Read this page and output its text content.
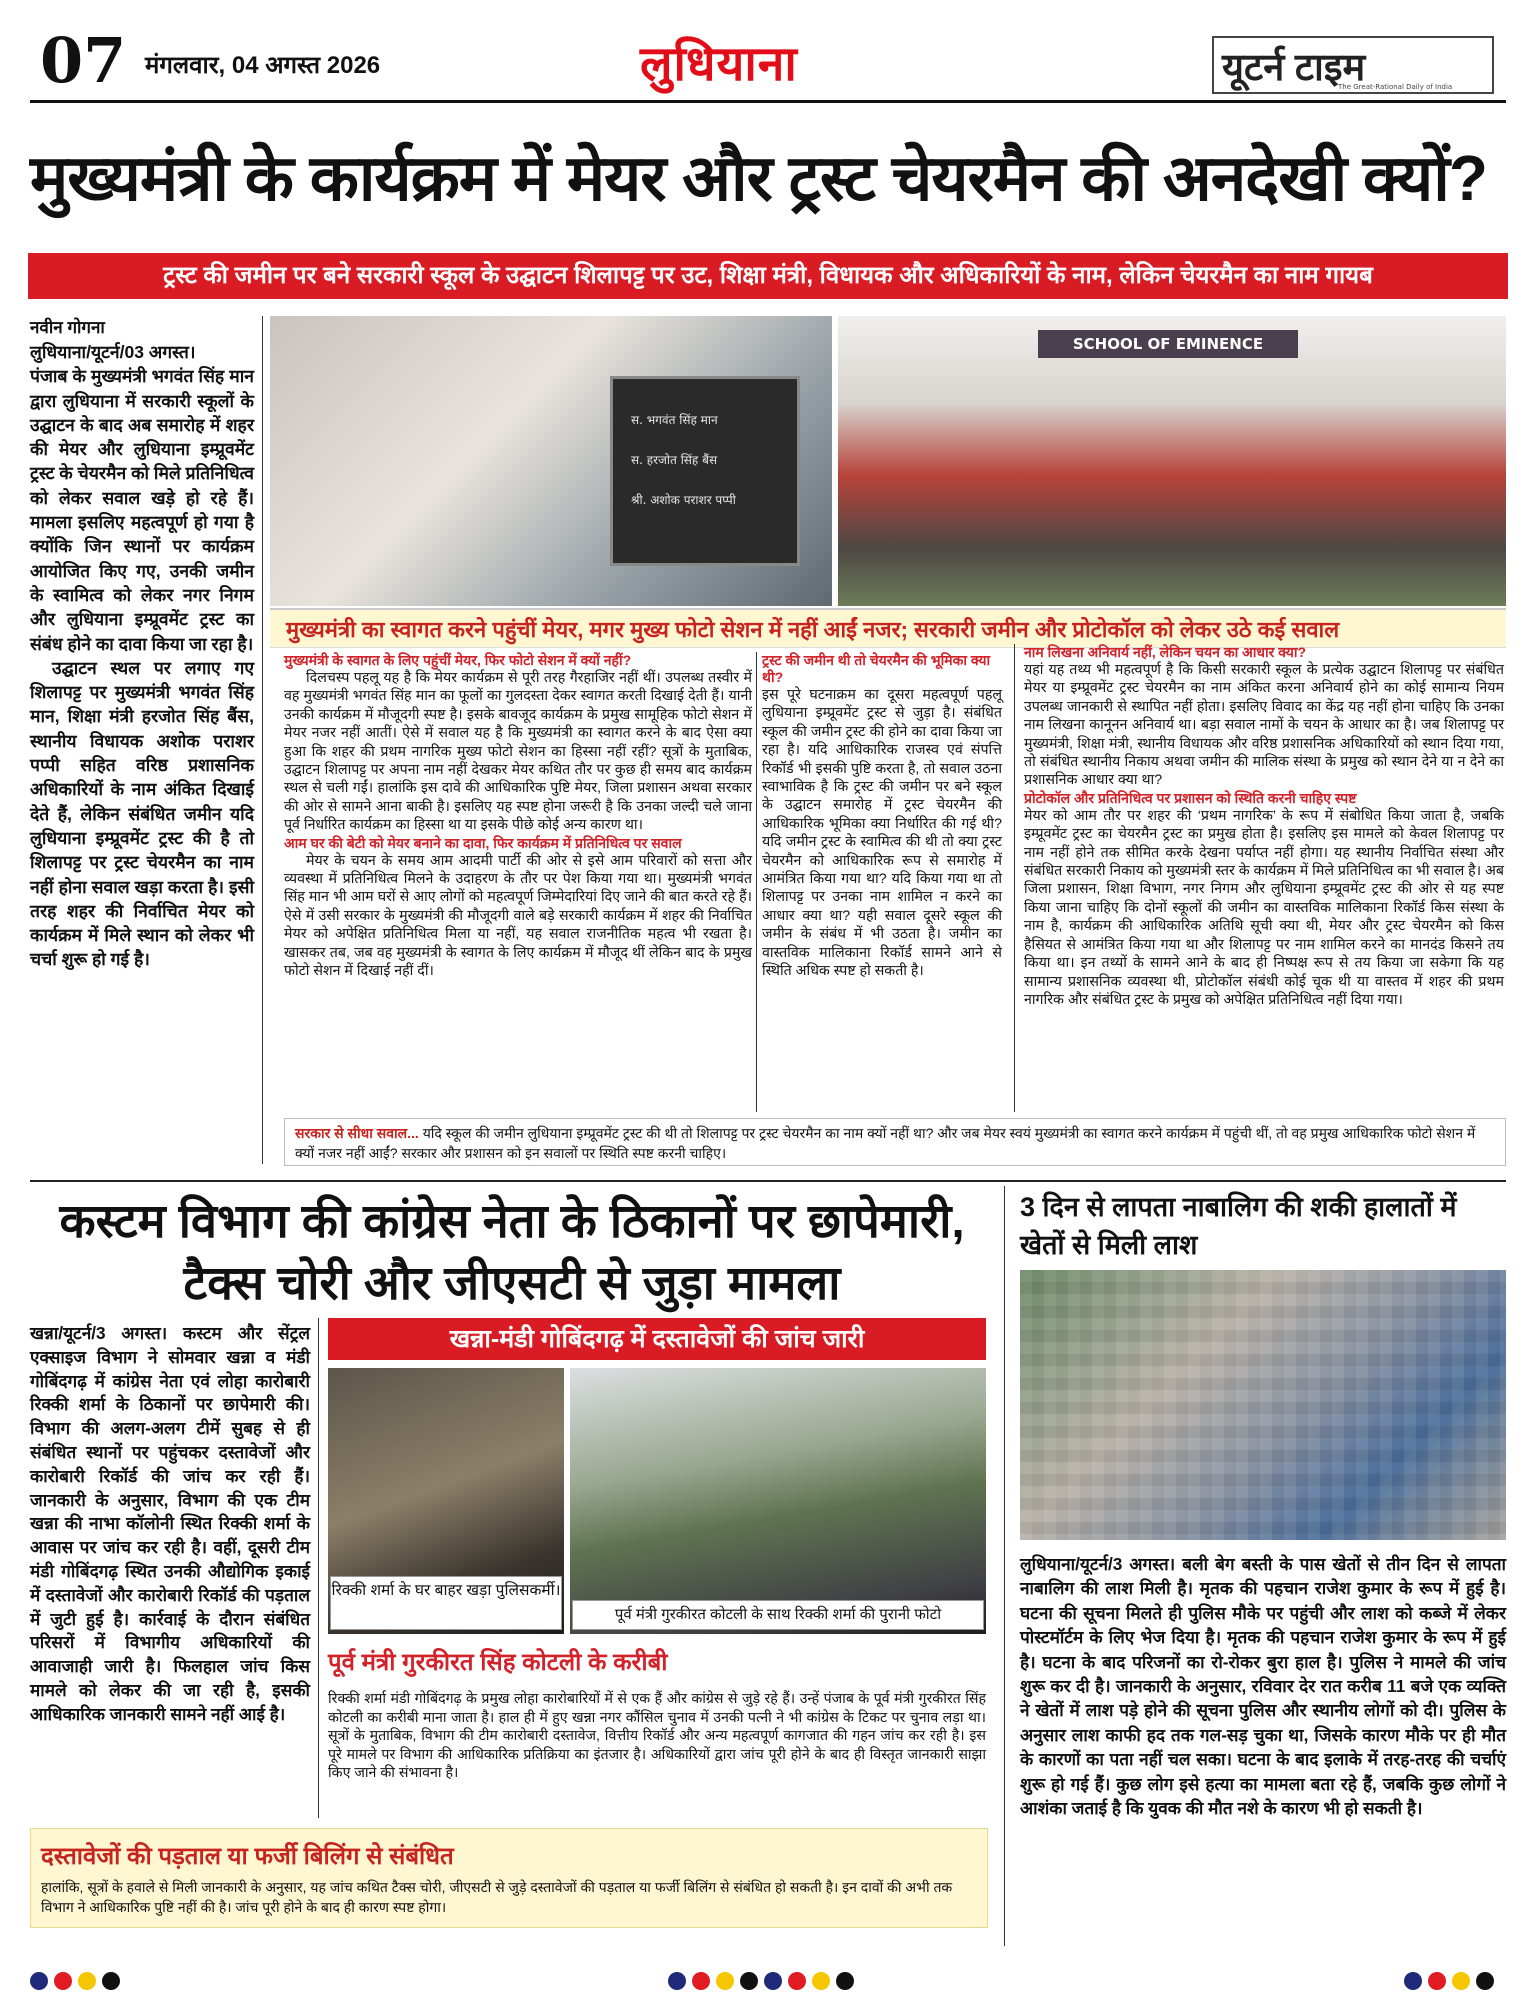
07 मंगलवार, 04 अगस्त 2026	लुधियाना	यूटर्न टाइम
The Great-Rational Daily of India
मुख्यमंत्री के कार्यक्रम में मेयर और ट्रस्ट चेयरमैन की अनदेखी क्यों?
ट्रस्ट की जमीन पर बने सरकारी स्कूल के उद्घाटन शिलापट्ट पर उट, शिक्षा मंत्री, विधायक और अधिकारियों के नाम, लेकिन चेयरमैन का नाम गायब
नवीन गोगना

लुधियाना/यूटर्न/03 अगस्त।

पंजाब के मुख्यमंत्री भगवंत सिंह मान द्वारा लुधियाना में सरकारी स्कूलों के उद्घाटन के बाद अब समारोह में शहर की मेयर और लुधियाना इम्प्रूवमेंट ट्रस्ट के चेयरमैन को मिले प्रतिनिधित्व को लेकर सवाल खड़े हो रहे हैं। मामला इसलिए महत्वपूर्ण हो गया है क्योंकि जिन स्थानों पर कार्यक्रम आयोजित किए गए, उनकी जमीन के स्वामित्व को लेकर नगर निगम और लुधियाना इम्प्रूवमेंट ट्रस्ट का संबंध होने का दावा किया जा रहा है।

उद्घाटन स्थल पर लगाए गए शिलापट्ट पर मुख्यमंत्री भगवंत सिंह मान, शिक्षा मंत्री हरजोत सिंह बैंस, स्थानीय विधायक अशोक पराशर पप्पी सहित वरिष्ठ प्रशासनिक अधिकारियों के नाम अंकित दिखाई देते हैं, लेकिन संबंधित जमीन यदि लुधियाना इम्प्रूवमेंट ट्रस्ट की है तो शिलापट्ट पर ट्रस्ट चेयरमैन का नाम नहीं होना सवाल खड़ा करता है। इसी तरह शहर की निर्वाचित मेयर को कार्यक्रम में मिले स्थान को लेकर भी चर्चा शुरू हो गई है।

स. भगवंत सिंह मान
स. हरजोत सिंह बैंस
श्री. अशोक पराशर पप्पी
SCHOOL OF EMINENCE
मुख्यमंत्री का स्वागत करने पहुंचीं मेयर, मगर मुख्य फोटो सेशन में नहीं आईं नजर; सरकारी जमीन और प्रोटोकॉल को लेकर उठे कई सवाल
मुख्यमंत्री के स्वागत के लिए पहुंचीं मेयर, फिर फोटो सेशन में क्यों नहीं?
दिलचस्प पहलू यह है कि मेयर कार्यक्रम से पूरी तरह गैरहाजिर नहीं थीं। उपलब्ध तस्वीर में वह मुख्यमंत्री भगवंत सिंह मान का फूलों का गुलदस्ता देकर स्वागत करती दिखाई देती हैं। यानी उनकी कार्यक्रम में मौजूदगी स्पष्ट है। इसके बावजूद कार्यक्रम के प्रमुख सामूहिक फोटो सेशन में मेयर नजर नहीं आतीं। ऐसे में सवाल यह है कि मुख्यमंत्री का स्वागत करने के बाद ऐसा क्या हुआ कि शहर की प्रथम नागरिक मुख्य फोटो सेशन का हिस्सा नहीं रहीं? सूत्रों के मुताबिक, उद्घाटन शिलापट्ट पर अपना नाम नहीं देखकर मेयर कथित तौर पर कुछ ही समय बाद कार्यक्रम स्थल से चली गईं। हालांकि इस दावे की आधिकारिक पुष्टि मेयर, जिला प्रशासन अथवा सरकार की ओर से सामने आना बाकी है। इसलिए यह स्पष्ट होना जरूरी है कि उनका जल्दी चले जाना पूर्व निर्धारित कार्यक्रम का हिस्सा था या इसके पीछे कोई अन्य कारण था।
आम घर की बेटी को मेयर बनाने का दावा, फिर कार्यक्रम में प्रतिनिधित्व पर सवाल
मेयर के चयन के समय आम आदमी पार्टी की ओर से इसे आम परिवारों को सत्ता और व्यवस्था में प्रतिनिधित्व मिलने के उदाहरण के तौर पर पेश किया गया था। मुख्यमंत्री भगवंत सिंह मान भी आम घरों से आए लोगों को महत्वपूर्ण जिम्मेदारियां दिए जाने की बात करते रहे हैं। ऐसे में उसी सरकार के मुख्यमंत्री की मौजूदगी वाले बड़े सरकारी कार्यक्रम में शहर की निर्वाचित मेयर को अपेक्षित प्रतिनिधित्व मिला या नहीं, यह सवाल राजनीतिक महत्व भी रखता है। खासकर तब, जब वह मुख्यमंत्री के स्वागत के लिए कार्यक्रम में मौजूद थीं लेकिन बाद के प्रमुख फोटो सेशन में दिखाई नहीं दीं।
ट्रस्ट की जमीन थी तो चेयरमैन की भूमिका क्या थी?
इस पूरे घटनाक्रम का दूसरा महत्वपूर्ण पहलू लुधियाना इम्प्रूवमेंट ट्रस्ट से जुड़ा है। संबंधित स्कूल की जमीन ट्रस्ट की होने का दावा किया जा रहा है। यदि आधिकारिक राजस्व एवं संपत्ति रिकॉर्ड भी इसकी पुष्टि करता है, तो सवाल उठना स्वाभाविक है कि ट्रस्ट की जमीन पर बने स्कूल के उद्घाटन समारोह में ट्रस्ट चेयरमैन की आधिकारिक भूमिका क्या निर्धारित की गई थी? यदि जमीन ट्रस्ट के स्वामित्व की थी तो क्या ट्रस्ट चेयरमैन को आधिकारिक रूप से समारोह में आमंत्रित किया गया था? यदि किया गया था तो शिलापट्ट पर उनका नाम शामिल न करने का आधार क्या था? यही सवाल दूसरे स्कूल की जमीन के संबंध में भी उठता है। जमीन का वास्तविक मालिकाना रिकॉर्ड सामने आने से स्थिति अधिक स्पष्ट हो सकती है।
नाम लिखना अनिवार्य नहीं, लेकिन चयन का आधार क्या?
यहां यह तथ्य भी महत्वपूर्ण है कि किसी सरकारी स्कूल के प्रत्येक उद्घाटन शिलापट्ट पर संबंधित मेयर या इम्प्रूवमेंट ट्रस्ट चेयरमैन का नाम अंकित करना अनिवार्य होने का कोई सामान्य नियम उपलब्ध जानकारी से स्थापित नहीं होता। इसलिए विवाद का केंद्र यह नहीं होना चाहिए कि उनका नाम लिखना कानूनन अनिवार्य था। बड़ा सवाल नामों के चयन के आधार का है। जब शिलापट्ट पर मुख्यमंत्री, शिक्षा मंत्री, स्थानीय विधायक और वरिष्ठ प्रशासनिक अधिकारियों को स्थान दिया गया, तो संबंधित स्थानीय निकाय अथवा जमीन की मालिक संस्था के प्रमुख को स्थान देने या न देने का प्रशासनिक आधार क्या था?
प्रोटोकॉल और प्रतिनिधित्व पर प्रशासन को स्थिति करनी चाहिए स्पष्ट
मेयर को आम तौर पर शहर की ‘प्रथम नागरिक’ के रूप में संबोधित किया जाता है, जबकि इम्प्रूवमेंट ट्रस्ट का चेयरमैन ट्रस्ट का प्रमुख होता है। इसलिए इस मामले को केवल शिलापट्ट पर नाम नहीं होने तक सीमित करके देखना पर्याप्त नहीं होगा। यह स्थानीय निर्वाचित संस्था और संबंधित सरकारी निकाय को मुख्यमंत्री स्तर के कार्यक्रम में मिले प्रतिनिधित्व का भी सवाल है। अब जिला प्रशासन, शिक्षा विभाग, नगर निगम और लुधियाना इम्प्रूवमेंट ट्रस्ट की ओर से यह स्पष्ट किया जाना चाहिए कि दोनों स्कूलों की जमीन का वास्तविक मालिकाना रिकॉर्ड किस संस्था के नाम है, कार्यक्रम की आधिकारिक अतिथि सूची क्या थी, मेयर और ट्रस्ट चेयरमैन को किस हैसियत से आमंत्रित किया गया था और शिलापट्ट पर नाम शामिल करने का मानदंड किसने तय किया था। इन तथ्यों के सामने आने के बाद ही निष्पक्ष रूप से तय किया जा सकेगा कि यह सामान्य प्रशासनिक व्यवस्था थी, प्रोटोकॉल संबंधी कोई चूक थी या वास्तव में शहर की प्रथम नागरिक और संबंधित ट्रस्ट के प्रमुख को अपेक्षित प्रतिनिधित्व नहीं दिया गया।
सरकार से सीधा सवाल... यदि स्कूल की जमीन लुधियाना इम्प्रूवमेंट ट्रस्ट की थी तो शिलापट्ट पर ट्रस्ट चेयरमैन का नाम क्यों नहीं था? और जब मेयर स्वयं मुख्यमंत्री का स्वागत करने कार्यक्रम में पहुंची थीं, तो वह प्रमुख आधिकारिक फोटो सेशन में क्यों नजर नहीं आईं? सरकार और प्रशासन को इन सवालों पर स्थिति स्पष्ट करनी चाहिए।
कस्टम विभाग की कांग्रेस नेता के ठिकानों पर छापेमारी, टैक्स चोरी और जीएसटी से जुड़ा मामला
खन्ना/यूटर्न/3 अगस्त। कस्टम और सेंट्रल एक्साइज विभाग ने सोमवार खन्ना व मंडी गोबिंदगढ़ में कांग्रेस नेता एवं लोहा कारोबारी रिक्की शर्मा के ठिकानों पर छापेमारी की। विभाग की अलग-अलग टीमें सुबह से ही संबंधित स्थानों पर पहुंचकर दस्तावेजों और कारोबारी रिकॉर्ड की जांच कर रही हैं। जानकारी के अनुसार, विभाग की एक टीम खन्ना की नाभा कॉलोनी स्थित रिक्की शर्मा के आवास पर जांच कर रही है। वहीं, दूसरी टीम मंडी गोबिंदगढ़ स्थित उनकी औद्योगिक इकाई में दस्तावेजों और कारोबारी रिकॉर्ड की पड़ताल में जुटी हुई है। कार्रवाई के दौरान संबंधित परिसरों में विभागीय अधिकारियों की आवाजाही जारी है। फिलहाल जांच किस मामले को लेकर की जा रही है, इसकी आधिकारिक जानकारी सामने नहीं आई है।
खन्ना-मंडी गोबिंदगढ़ में दस्तावेजों की जांच जारी
रिक्की शर्मा के घर बाहर खड़ा पुलिसकर्मी।
पूर्व मंत्री गुरकीरत कोटली के साथ रिक्की शर्मा की पुरानी फोटो
पूर्व मंत्री गुरकीरत सिंह कोटली के करीबी
रिक्की शर्मा मंडी गोबिंदगढ़ के प्रमुख लोहा कारोबारियों में से एक हैं और कांग्रेस से जुड़े रहे हैं। उन्हें पंजाब के पूर्व मंत्री गुरकीरत सिंह कोटली का करीबी माना जाता है। हाल ही में हुए खन्ना नगर कौंसिल चुनाव में उनकी पत्नी ने भी कांग्रेस के टिकट पर चुनाव लड़ा था। सूत्रों के मुताबिक, विभाग की टीम कारोबारी दस्तावेज, वित्तीय रिकॉर्ड और अन्य महत्वपूर्ण कागजात की गहन जांच कर रही है। इस पूरे मामले पर विभाग की आधिकारिक प्रतिक्रिया का इंतजार है। अधिकारियों द्वारा जांच पूरी होने के बाद ही विस्तृत जानकारी साझा किए जाने की संभावना है।
दस्तावेजों की पड़ताल या फर्जी बिलिंग से संबंधित
हालांकि, सूत्रों के हवाले से मिली जानकारी के अनुसार, यह जांच कथित टैक्स चोरी, जीएसटी से जुड़े दस्तावेजों की पड़ताल या फर्जी बिलिंग से संबंधित हो सकती है। इन दावों की अभी तक विभाग ने आधिकारिक पुष्टि नहीं की है। जांच पूरी होने के बाद ही कारण स्पष्ट होगा।
3 दिन से लापता नाबालिग की शकी हालातों में खेतों से मिली लाश
लुधियाना/यूटर्न/3 अगस्त। बली बेग बस्ती के पास खेतों से तीन दिन से लापता नाबालिग की लाश मिली है। मृतक की पहचान राजेश कुमार के रूप में हुई है। घटना की सूचना मिलते ही पुलिस मौके पर पहुंची और लाश को कब्जे में लेकर पोस्टमॉर्टम के लिए भेज दिया है। मृतक की पहचान राजेश कुमार के रूप में हुई है। घटना के बाद परिजनों का रो-रोकर बुरा हाल है। पुलिस ने मामले की जांच शुरू कर दी है। जानकारी के अनुसार, रविवार देर रात करीब 11 बजे एक व्यक्ति ने खेतों में लाश पड़े होने की सूचना पुलिस और स्थानीय लोगों को दी। पुलिस के अनुसार लाश काफी हद तक गल-सड़ चुका था, जिसके कारण मौके पर ही मौत के कारणों का पता नहीं चल सका। घटना के बाद इलाके में तरह-तरह की चर्चाएं शुरू हो गई हैं। कुछ लोग इसे हत्या का मामला बता रहे हैं, जबकि कुछ लोगों ने आशंका जताई है कि युवक की मौत नशे के कारण भी हो सकती है।
